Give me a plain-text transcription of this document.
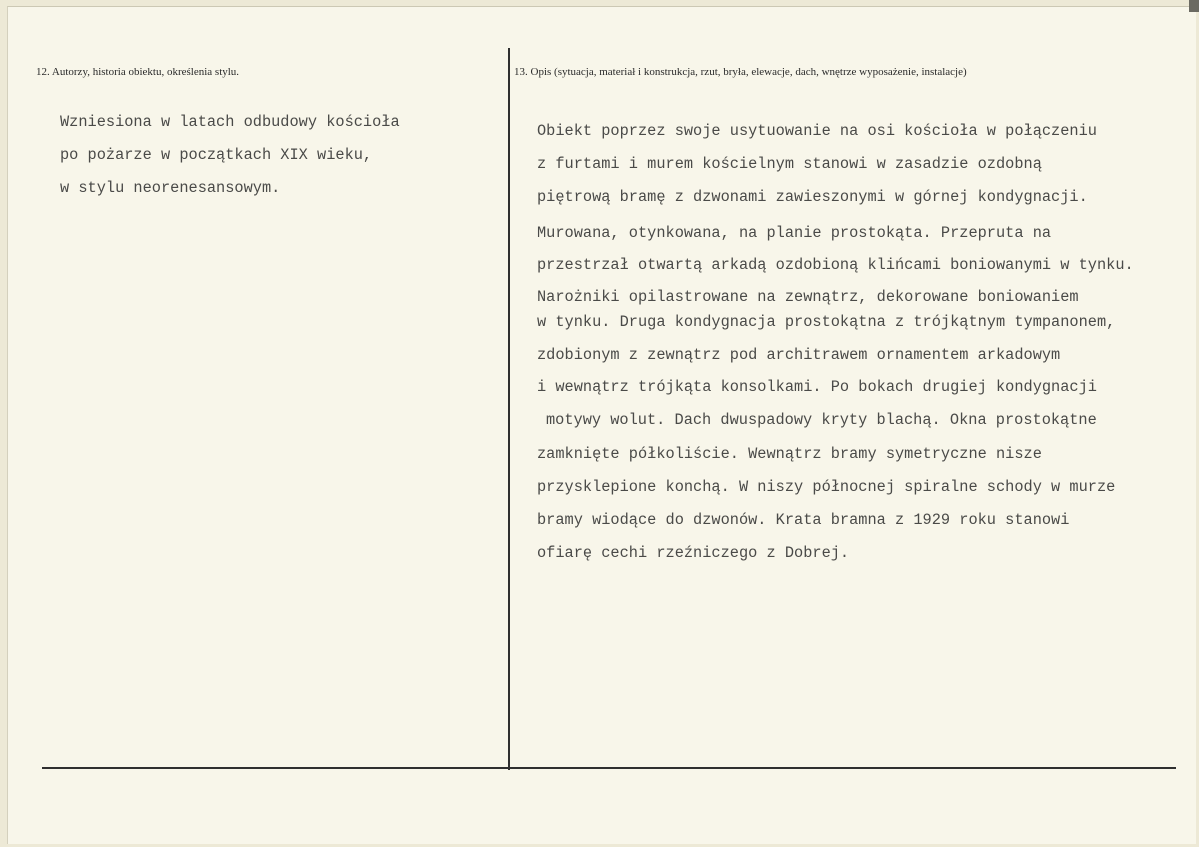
12. Autorzy, historia obiektu, określenia stylu.	13. Opis (sytuacja, materiał i konstrukcja, rzut, bryła, elewacje, dach, wnętrze wyposażenie, instalacje)
Wzniesiona w latach odbudowy kościoła
po pożarze w początkach XIX wieku,
w stylu neorenesansowym.
Obiekt poprzez swoje usytuowanie na osi kościoła w połączeniu
z furtami i murem kościelnym stanowi w zasadzie ozdobną
piętrową bramę z dzwonami zawieszonymi w górnej kondygnacji.
Murowana, otynkowana, na planie prostokąta. Przepruta na
przestrzał otwartą arkadą ozdobioną klińcami boniowanymi w tynku.
Narożniki opilastrowane na zewnątrz, dekorowane boniowaniem
w tynku. Druga kondygnacja prostokątna z trójkątnym tympanonem,
zdobionym z zewnątrz pod architrawem ornamentem arkadowym
i wewnątrz trójkąta konsolkami. Po bokach drugiej kondygnacji
motywy wolut. Dach dwuspadowy kryty blachą. Okna prostokątne
zamknięte półkoliście. Wewnątrz bramy symetryczne nisze
przysklepione konchą. W niszy północnej spiralne schody w murze
bramy wiodące do dzwonów. Krata bramna z 1929 roku stanowi
ofiarę cechi rzeźniczego z Dobrej.
